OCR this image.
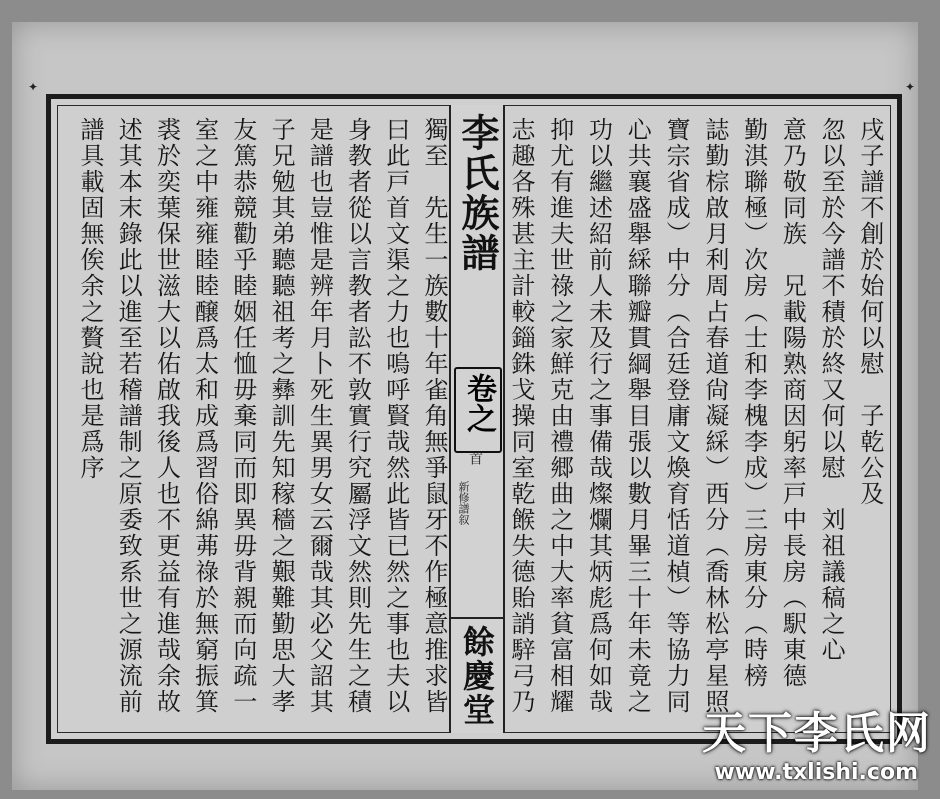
✦	✦
戌子譜不創於始何以慰　子乾公及
忽以至於今譜不積於終又何以慰　刘祖議稿之心
意乃敬同族　兄載陽熟商因躬率戸中長房（駅東德
勤淇聯極）次房（士和李槐李成）三房東分（時榜
誌勤棕啟月利周占春道尙凝綵）西分（喬林松亭星照
寶宗省成）中分（合廷登庸文煥育恬道楨）等協力同
心共襄盛舉綵聯瓣貫綱舉目張以數月畢三十年未竟之
功以繼述紹前人未及行之事備哉燦爛其炳彪爲何如哉
抑尤有進夫世祿之家鮮克由禮郷曲之中大率貧富相耀
志趣各殊甚主計較錙銖戈操同室乾餱失德貽誚騂弓乃
李氏族譜
卷之
首
新修譜叙
餘慶堂
獨至　先生一族數十年雀角無爭鼠牙不作極意推求皆
曰此戸首文渠之力也嗚呼賢哉然此皆已然之事也夫以
身教者從以言教者訟不敦實行究屬浮文然則先生之積
是譜也豈惟是辨年月卜死生異男女云爾哉其必父詔其
子兄勉其弟聽聽祖考之彝訓先知稼穡之艱難勤思大孝
友篤恭競勸乎睦姻任恤毋棄同而即異毋背親而向疏一
室之中雍雍睦睦醸爲太和成爲習俗綿茀祿於無窮振箕
裘於奕葉保世滋大以佑啟我後人也不更益有進哉余故
述其本末錄此以進至若稽譜制之原委致系世之源流前
譜具載固無俟余之贅說也是爲序
天下李氏网
www.txlishi.com
